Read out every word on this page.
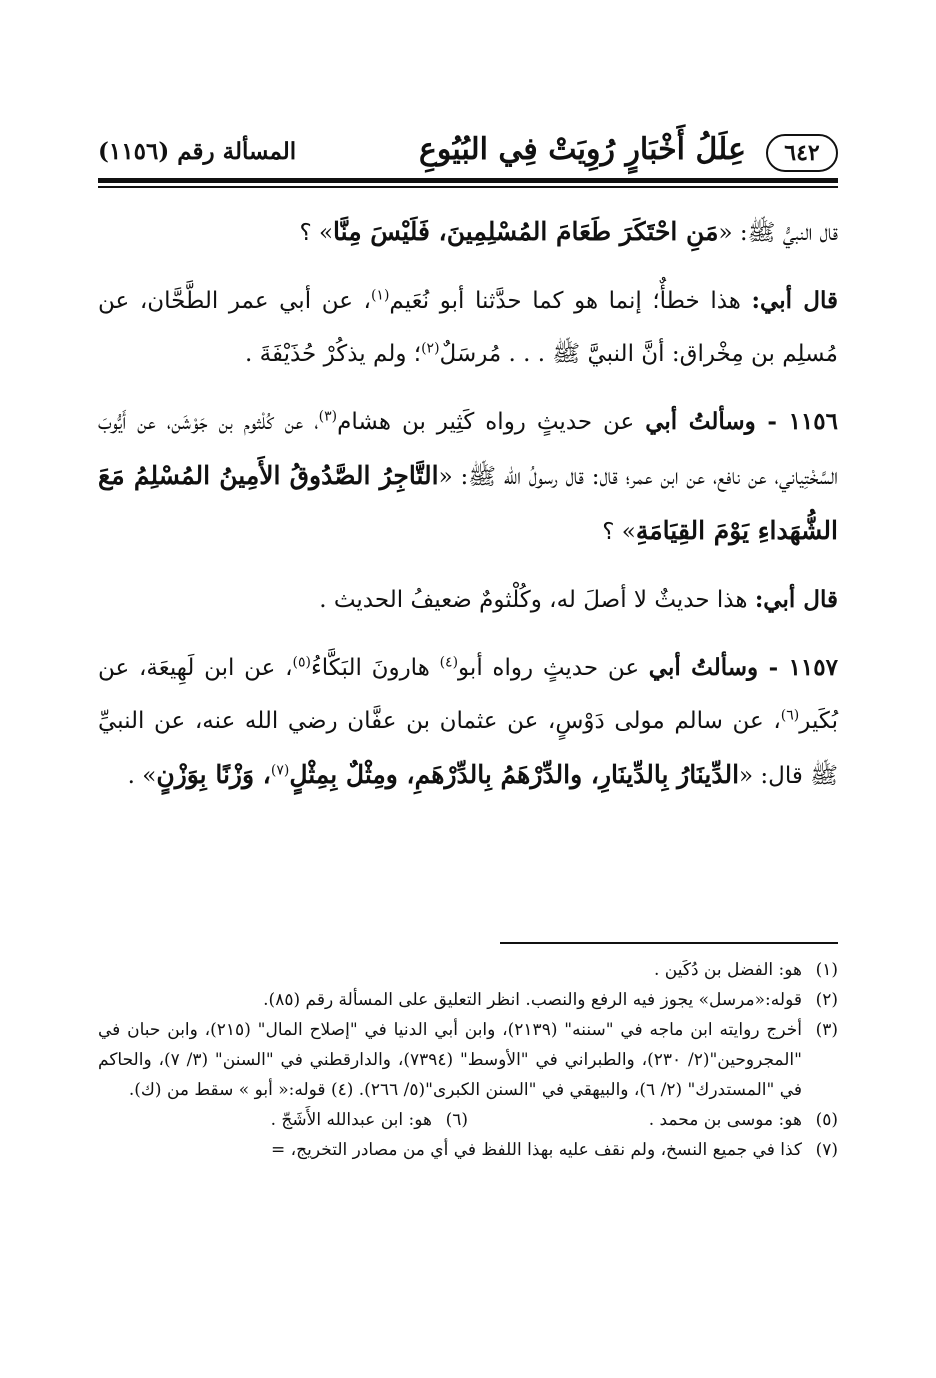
٦٤٢
عِلَلُ أَخْبَارٍ رُوِيَتْ فِي البُيُوعِ
المسألة رقم (١١٥٦)

قال النبيُّ ﷺ: «مَنِ احْتَكَرَ طَعَامَ المُسْلِمِينَ، فَلَيْسَ مِنَّا» ؟

قال أبي: هذا خطأٌ؛ إنما هو كما حدَّثنا أبو نُعَيم$^{(١)}$، عن أبي عمر الطَّحَّان، عن مُسلِم بن مِخْراق: أنَّ النبيَّ ﷺ . . . مُرسَلٌ$^{(٢)}$؛ ولم يذكُرْ حُذَيْفَةَ .

١١٥٦ - وسألتُ أبي عن حديثٍ رواه كَثِير بن هشام$^{(٣)}$، عن كُلْثوم بن جَوْشَن، عن أَيُّوبَ السَّخْتِياني، عن نافع، عن ابن عمر؛ قال: قال رسولُ الله ﷺ: «التَّاجِرُ الصَّدُوقُ الأَمِينُ المُسْلِمُ مَعَ الشُّهَداءِ يَوْمَ القِيَامَةِ» ؟

قال أبي: هذا حديثٌ لا أصلَ له، وكُلْثومٌ ضعيفُ الحديث .

١١٥٧ - وسألتُ أبي عن حديثٍ رواه أبو$^{(٤)}$ هارونَ البَكَّاءُ$^{(٥)}$، عن ابن لَهِيعَة، عن بُكَير$^{(٦)}$، عن سالم مولى دَوْسٍ، عن عثمان بن عفَّان رضي الله عنه، عن النبيِّ ﷺ قال: «الدِّينَارُ بِالدِّينَارِ، والدِّرْهَمُ بِالدِّرْهَمِ، ومِثْلٌ بِمِثْلٍ$^{(٧)}$، وَزْنًا بِوَزْنٍ» .

(١)
هو: الفضل بن دُكَين .
(٢)
قوله:«مرسل» يجوز فيه الرفع والنصب. انظر التعليق على المسألة رقم (٨٥).
(٣)
أخرج روايته ابن ماجه في "سننه" (٢١٣٩)، وابن أبي الدنيا في "إصلاح المال" (٢١٥)، وابن حبان في "المجروحين"(٢/ ٢٣٠)، والطبراني في "الأوسط" (٧٣٩٤)، والدارقطني في "السنن" (٣/ ٧)، والحاكم في "المستدرك" (٢/ ٦)، والبيهقي في "السنن الكبرى"(٥/ ٢٦٦). (٤) قوله:« أبو » سقط من (ك).
(٥)
هو: موسى بن محمد .
(٦)
هو: ابن عبدالله الأَشَجّ .
(٧)
كذا في جميع النسخ، ولم نقف عليه بهذا اللفظ في أي من مصادر التخريج، =
